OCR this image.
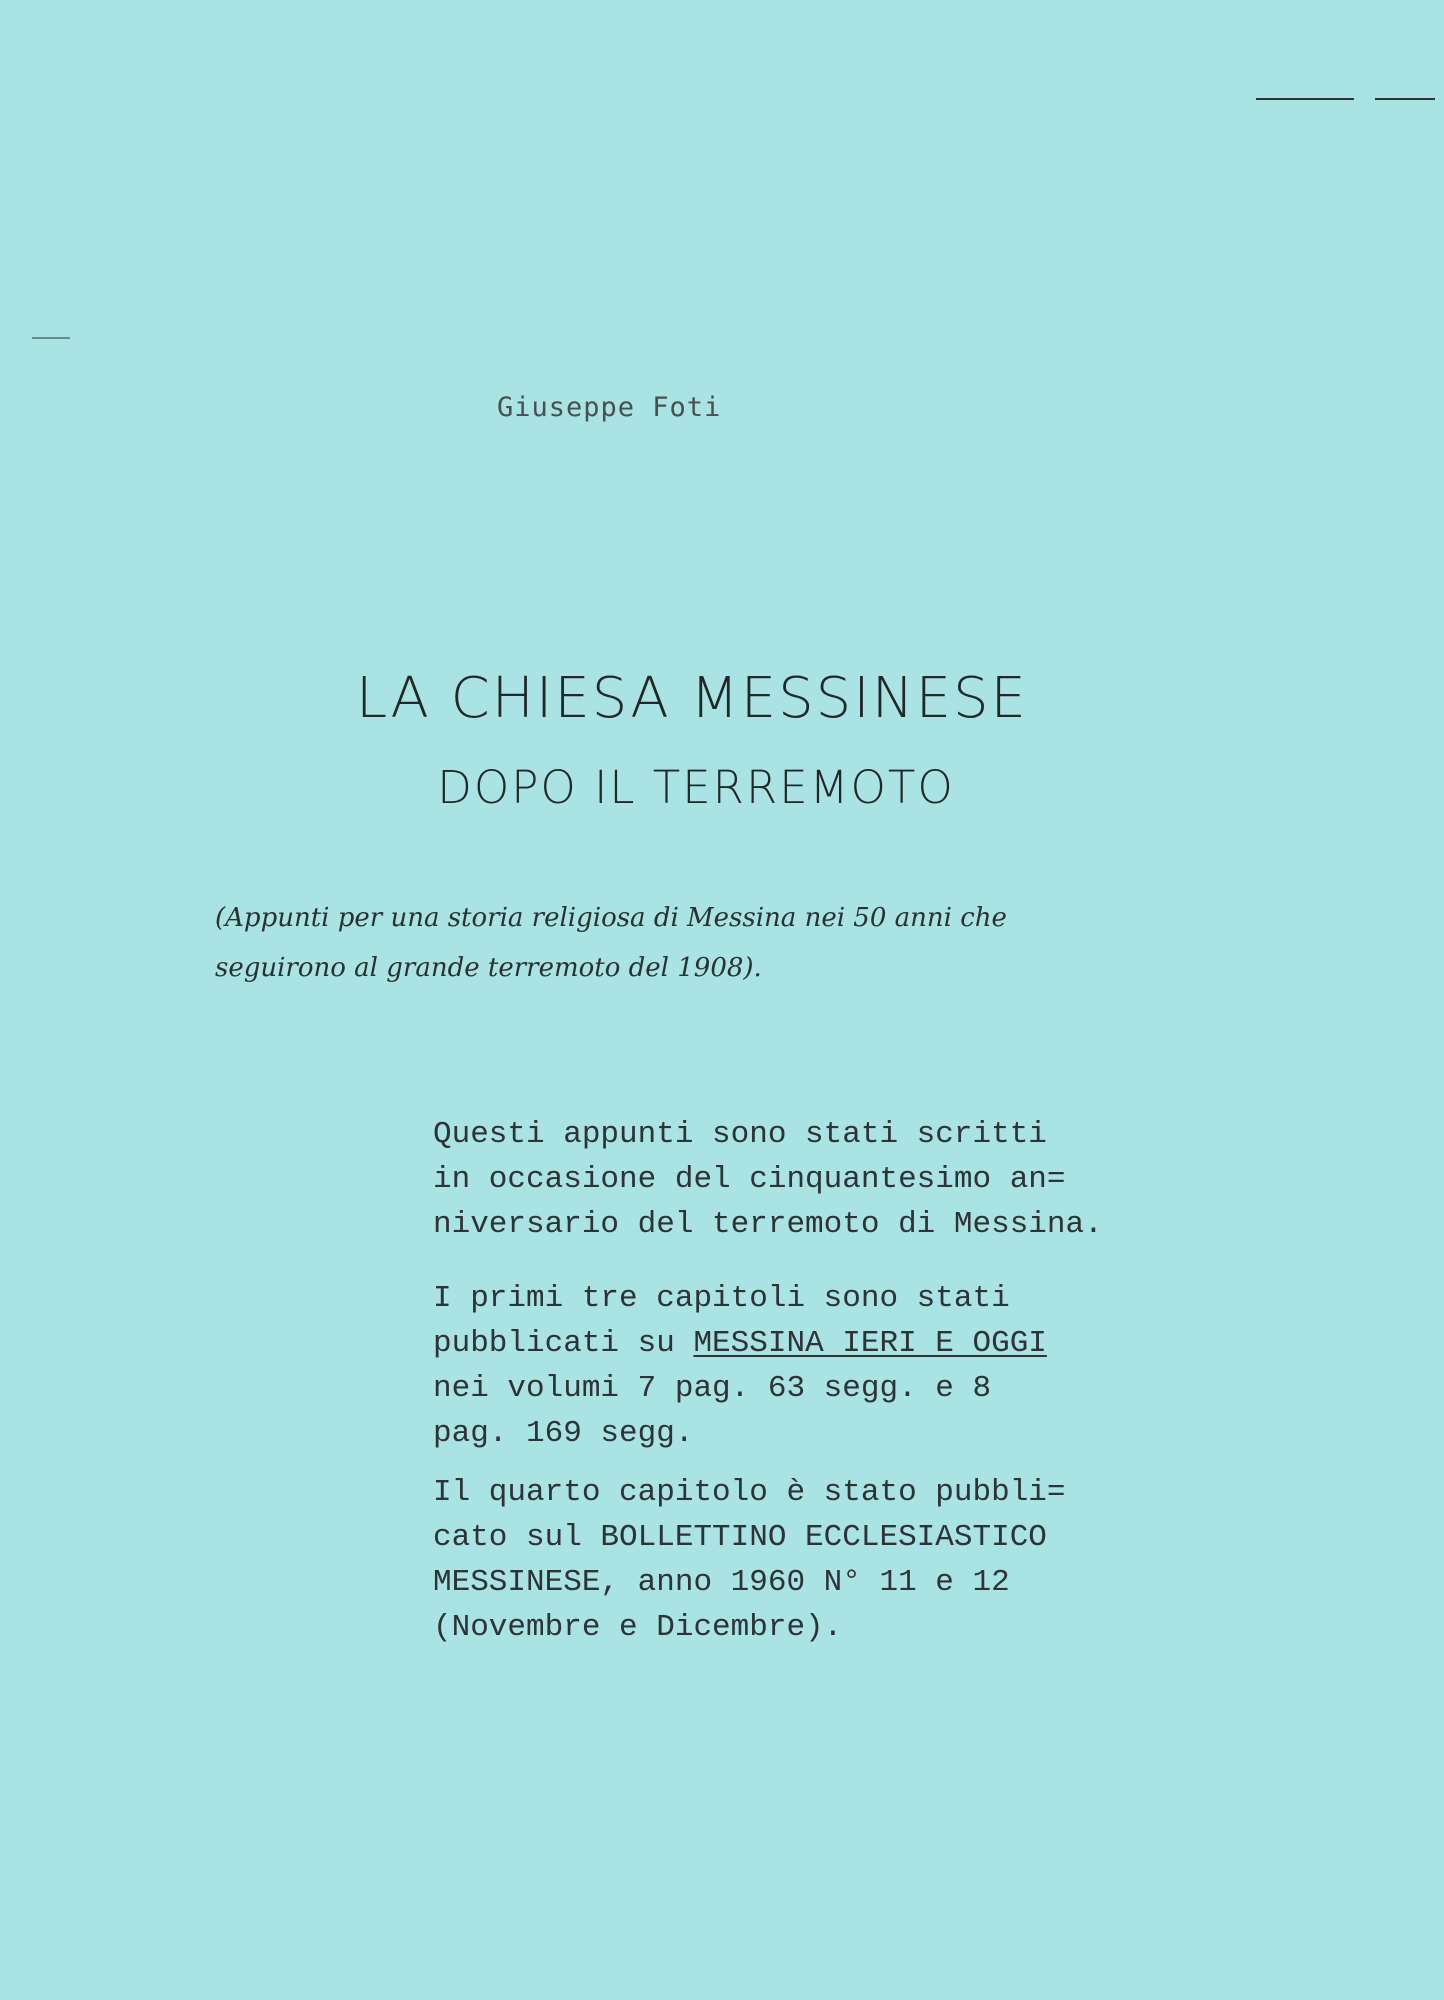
Giuseppe Foti
LA CHIESA MESSINESE
DOPO IL TERREMOTO
(Appunti per una storia religiosa di Messina nei 50 anni che
seguirono al grande terremoto del 1908).
Questi appunti sono stati scritti
in occasione del cinquantesimo an=
niversario del terremoto di Messina.
I primi tre capitoli sono stati
pubblicati su MESSINA IERI E OGGI
nei volumi 7 pag. 63 segg. e 8
pag. 169 segg.
Il quarto capitolo è stato pubbli=
cato sul BOLLETTINO ECCLESIASTICO
MESSINESE, anno 1960 N° 11 e 12
(Novembre e Dicembre).
